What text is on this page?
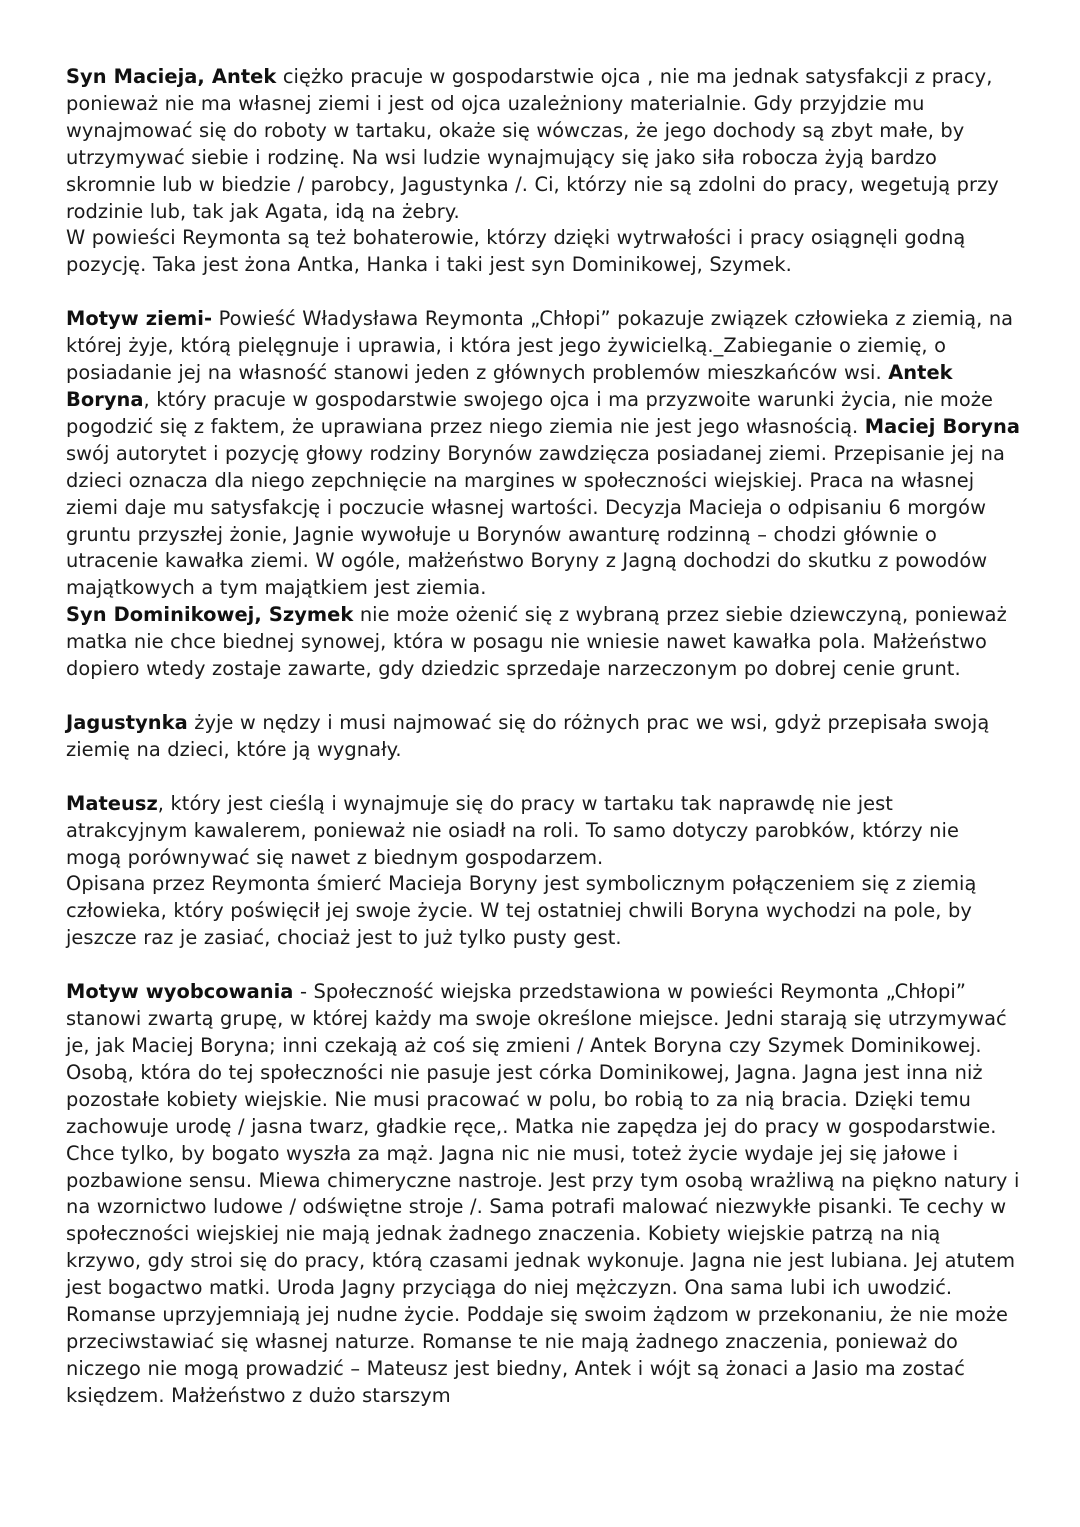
Syn Macieja, Antek ciężko pracuje w gospodarstwie ojca , nie ma jednak satysfakcji z pracy, ponieważ nie ma własnej ziemi i jest od ojca uzależniony materialnie. Gdy przyjdzie mu wynajmować się do roboty w tartaku, okaże się wówczas, że jego dochody są zbyt małe, by utrzymywać siebie i rodzinę. Na wsi ludzie wynajmujący się jako siła robocza żyją bardzo skromnie lub w biedzie / parobcy, Jagustynka /. Ci, którzy nie są zdolni do pracy, wegetują przy rodzinie lub, tak jak Agata, idą na żebry.

W powieści Reymonta są też bohaterowie, którzy dzięki wytrwałości i pracy osiągnęli godną pozycję. Taka jest żona Antka, Hanka i taki jest syn Dominikowej, Szymek.

Motyw ziemi- Powieść Władysława Reymonta „Chłopi” pokazuje związek człowieka z ziemią, na której żyje, którą pielęgnuje i uprawia, i która jest jego żywicielką._Zabieganie o ziemię, o posiadanie jej na własność stanowi jeden z głównych problemów mieszkańców wsi. Antek Boryna, który pracuje w gospodarstwie swojego ojca i ma przyzwoite warunki życia, nie może pogodzić się z faktem, że uprawiana przez niego ziemia nie jest jego własnością. Maciej Boryna swój autorytet i pozycję głowy rodziny Borynów zawdzięcza posiadanej ziemi. Przepisanie jej na dzieci oznacza dla niego zepchnięcie na margines w społeczności wiejskiej. Praca na własnej ziemi daje mu satysfakcję i poczucie własnej wartości. Decyzja Macieja o odpisaniu 6 morgów gruntu przyszłej żonie, Jagnie wywołuje u Borynów awanturę rodzinną – chodzi głównie o utracenie kawałka ziemi. W ogóle, małżeństwo Boryny z Jagną dochodzi do skutku z powodów majątkowych a tym majątkiem jest ziemia.

Syn Dominikowej, Szymek nie może ożenić się z wybraną przez siebie dziewczyną, ponieważ matka nie chce biednej synowej, która w posagu nie wniesie nawet kawałka pola. Małżeństwo dopiero wtedy zostaje zawarte, gdy dziedzic sprzedaje narzeczonym po dobrej cenie grunt.

Jagustynka żyje w nędzy i musi najmować się do różnych prac we wsi, gdyż przepisała swoją ziemię na dzieci, które ją wygnały.

Mateusz, który jest cieślą i wynajmuje się do pracy w tartaku tak naprawdę nie jest atrakcyjnym kawalerem, ponieważ nie osiadł na roli. To samo dotyczy parobków, którzy nie mogą porównywać się nawet z biednym gospodarzem.

Opisana przez Reymonta śmierć Macieja Boryny jest symbolicznym połączeniem się z ziemią człowieka, który poświęcił jej swoje życie. W tej ostatniej chwili Boryna wychodzi na pole, by jeszcze raz je zasiać, chociaż jest to już tylko pusty gest.

Motyw wyobcowania - Społeczność wiejska przedstawiona w powieści Reymonta „Chłopi” stanowi zwartą grupę, w której każdy ma swoje określone miejsce. Jedni starają się utrzymywać je, jak Maciej Boryna; inni czekają aż coś się zmieni / Antek Boryna czy Szymek Dominikowej. Osobą, która do tej społeczności nie pasuje jest córka Dominikowej, Jagna. Jagna jest inna niż pozostałe kobiety wiejskie. Nie musi pracować w polu, bo robią to za nią bracia. Dzięki temu zachowuje urodę / jasna twarz, gładkie ręce,. Matka nie zapędza jej do pracy w gospodarstwie. Chce tylko, by bogato wyszła za mąż. Jagna nic nie musi, toteż życie wydaje jej się jałowe i pozbawione sensu. Miewa chimeryczne nastroje. Jest przy tym osobą wrażliwą na piękno natury i na wzornictwo ludowe / odświętne stroje /. Sama potrafi malować niezwykłe pisanki. Te cechy w społeczności wiejskiej nie mają jednak żadnego znaczenia. Kobiety wiejskie patrzą na nią krzywo, gdy stroi się do pracy, którą czasami jednak wykonuje. Jagna nie jest lubiana. Jej atutem jest bogactwo matki. Uroda Jagny przyciąga do niej mężczyzn. Ona sama lubi ich uwodzić. Romanse uprzyjemniają jej nudne życie. Poddaje się swoim żądzom w przekonaniu, że nie może przeciwstawiać się własnej naturze. Romanse te nie mają żadnego znaczenia, ponieważ do niczego nie mogą prowadzić – Mateusz jest biedny, Antek i wójt są żonaci a Jasio ma zostać księdzem. Małżeństwo z dużo starszym
